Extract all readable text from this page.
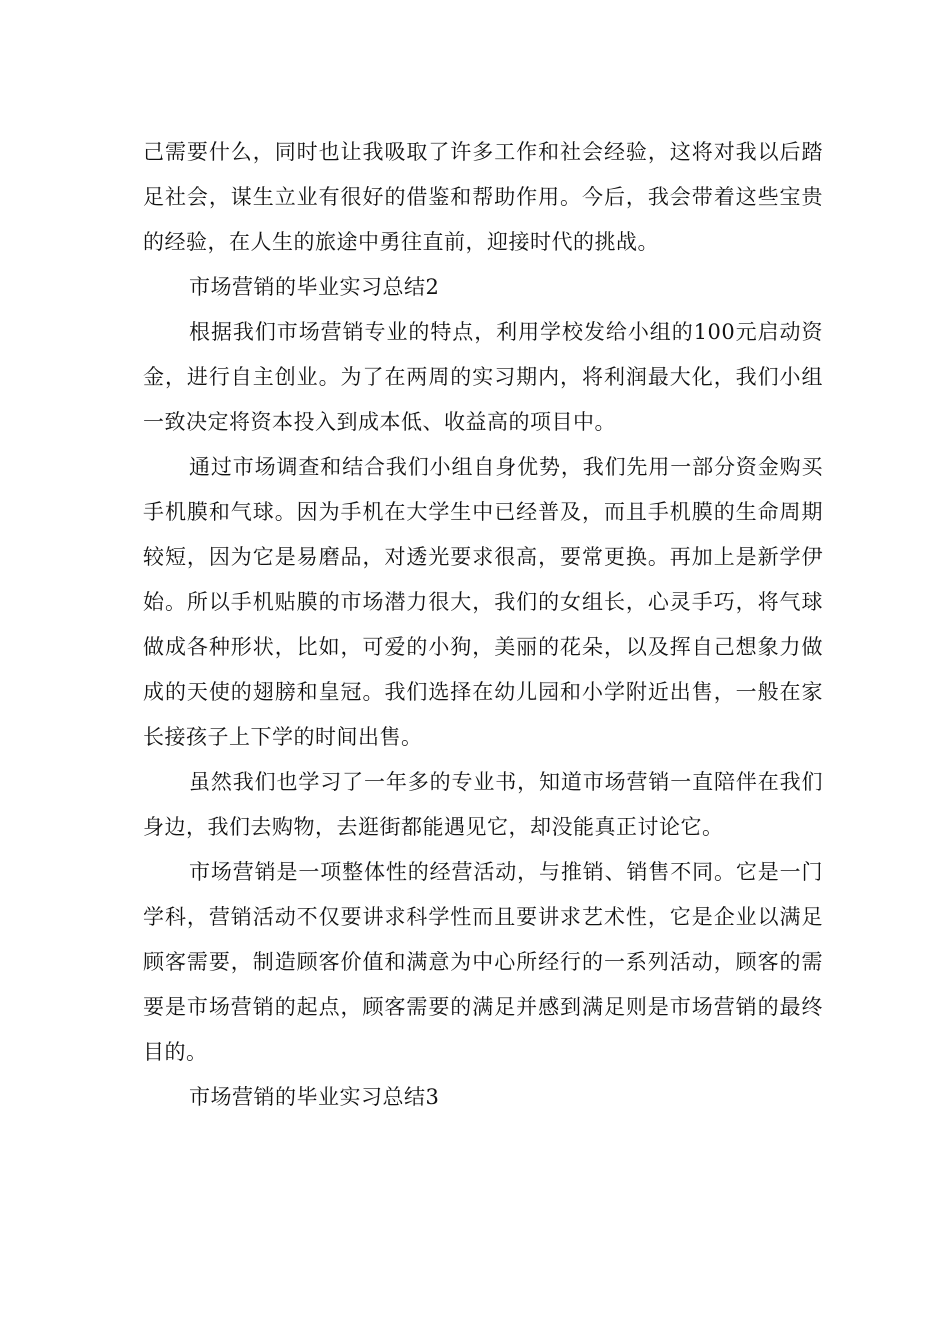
己需要什么，同时也让我吸取了许多工作和社会经验，这将对我以后踏足社会，谋生立业有很好的借鉴和帮助作用。今后，我会带着这些宝贵的经验，在人生的旅途中勇往直前，迎接时代的挑战。

市场营销的毕业实习总结2

根据我们市场营销专业的特点，利用学校发给小组的100元启动资金，进行自主创业。为了在两周的实习期内，将利润最大化，我们小组一致决定将资本投入到成本低、收益高的项目中。

通过市场调查和结合我们小组自身优势，我们先用一部分资金购买手机膜和气球。因为手机在大学生中已经普及，而且手机膜的生命周期较短，因为它是易磨品，对透光要求很高，要常更换。再加上是新学伊始。所以手机贴膜的市场潜力很大，我们的女组长，心灵手巧，将气球做成各种形状，比如，可爱的小狗，美丽的花朵，以及挥自己想象力做成的天使的翅膀和皇冠。我们选择在幼儿园和小学附近出售，一般在家长接孩子上下学的时间出售。

虽然我们也学习了一年多的专业书，知道市场营销一直陪伴在我们身边，我们去购物，去逛街都能遇见它，却没能真正讨论它。

市场营销是一项整体性的经营活动，与推销、销售不同。它是一门学科，营销活动不仅要讲求科学性而且要讲求艺术性，它是企业以满足顾客需要，制造顾客价值和满意为中心所经行的一系列活动，顾客的需要是市场营销的起点，顾客需要的满足并感到满足则是市场营销的最终目的。

市场营销的毕业实习总结3
